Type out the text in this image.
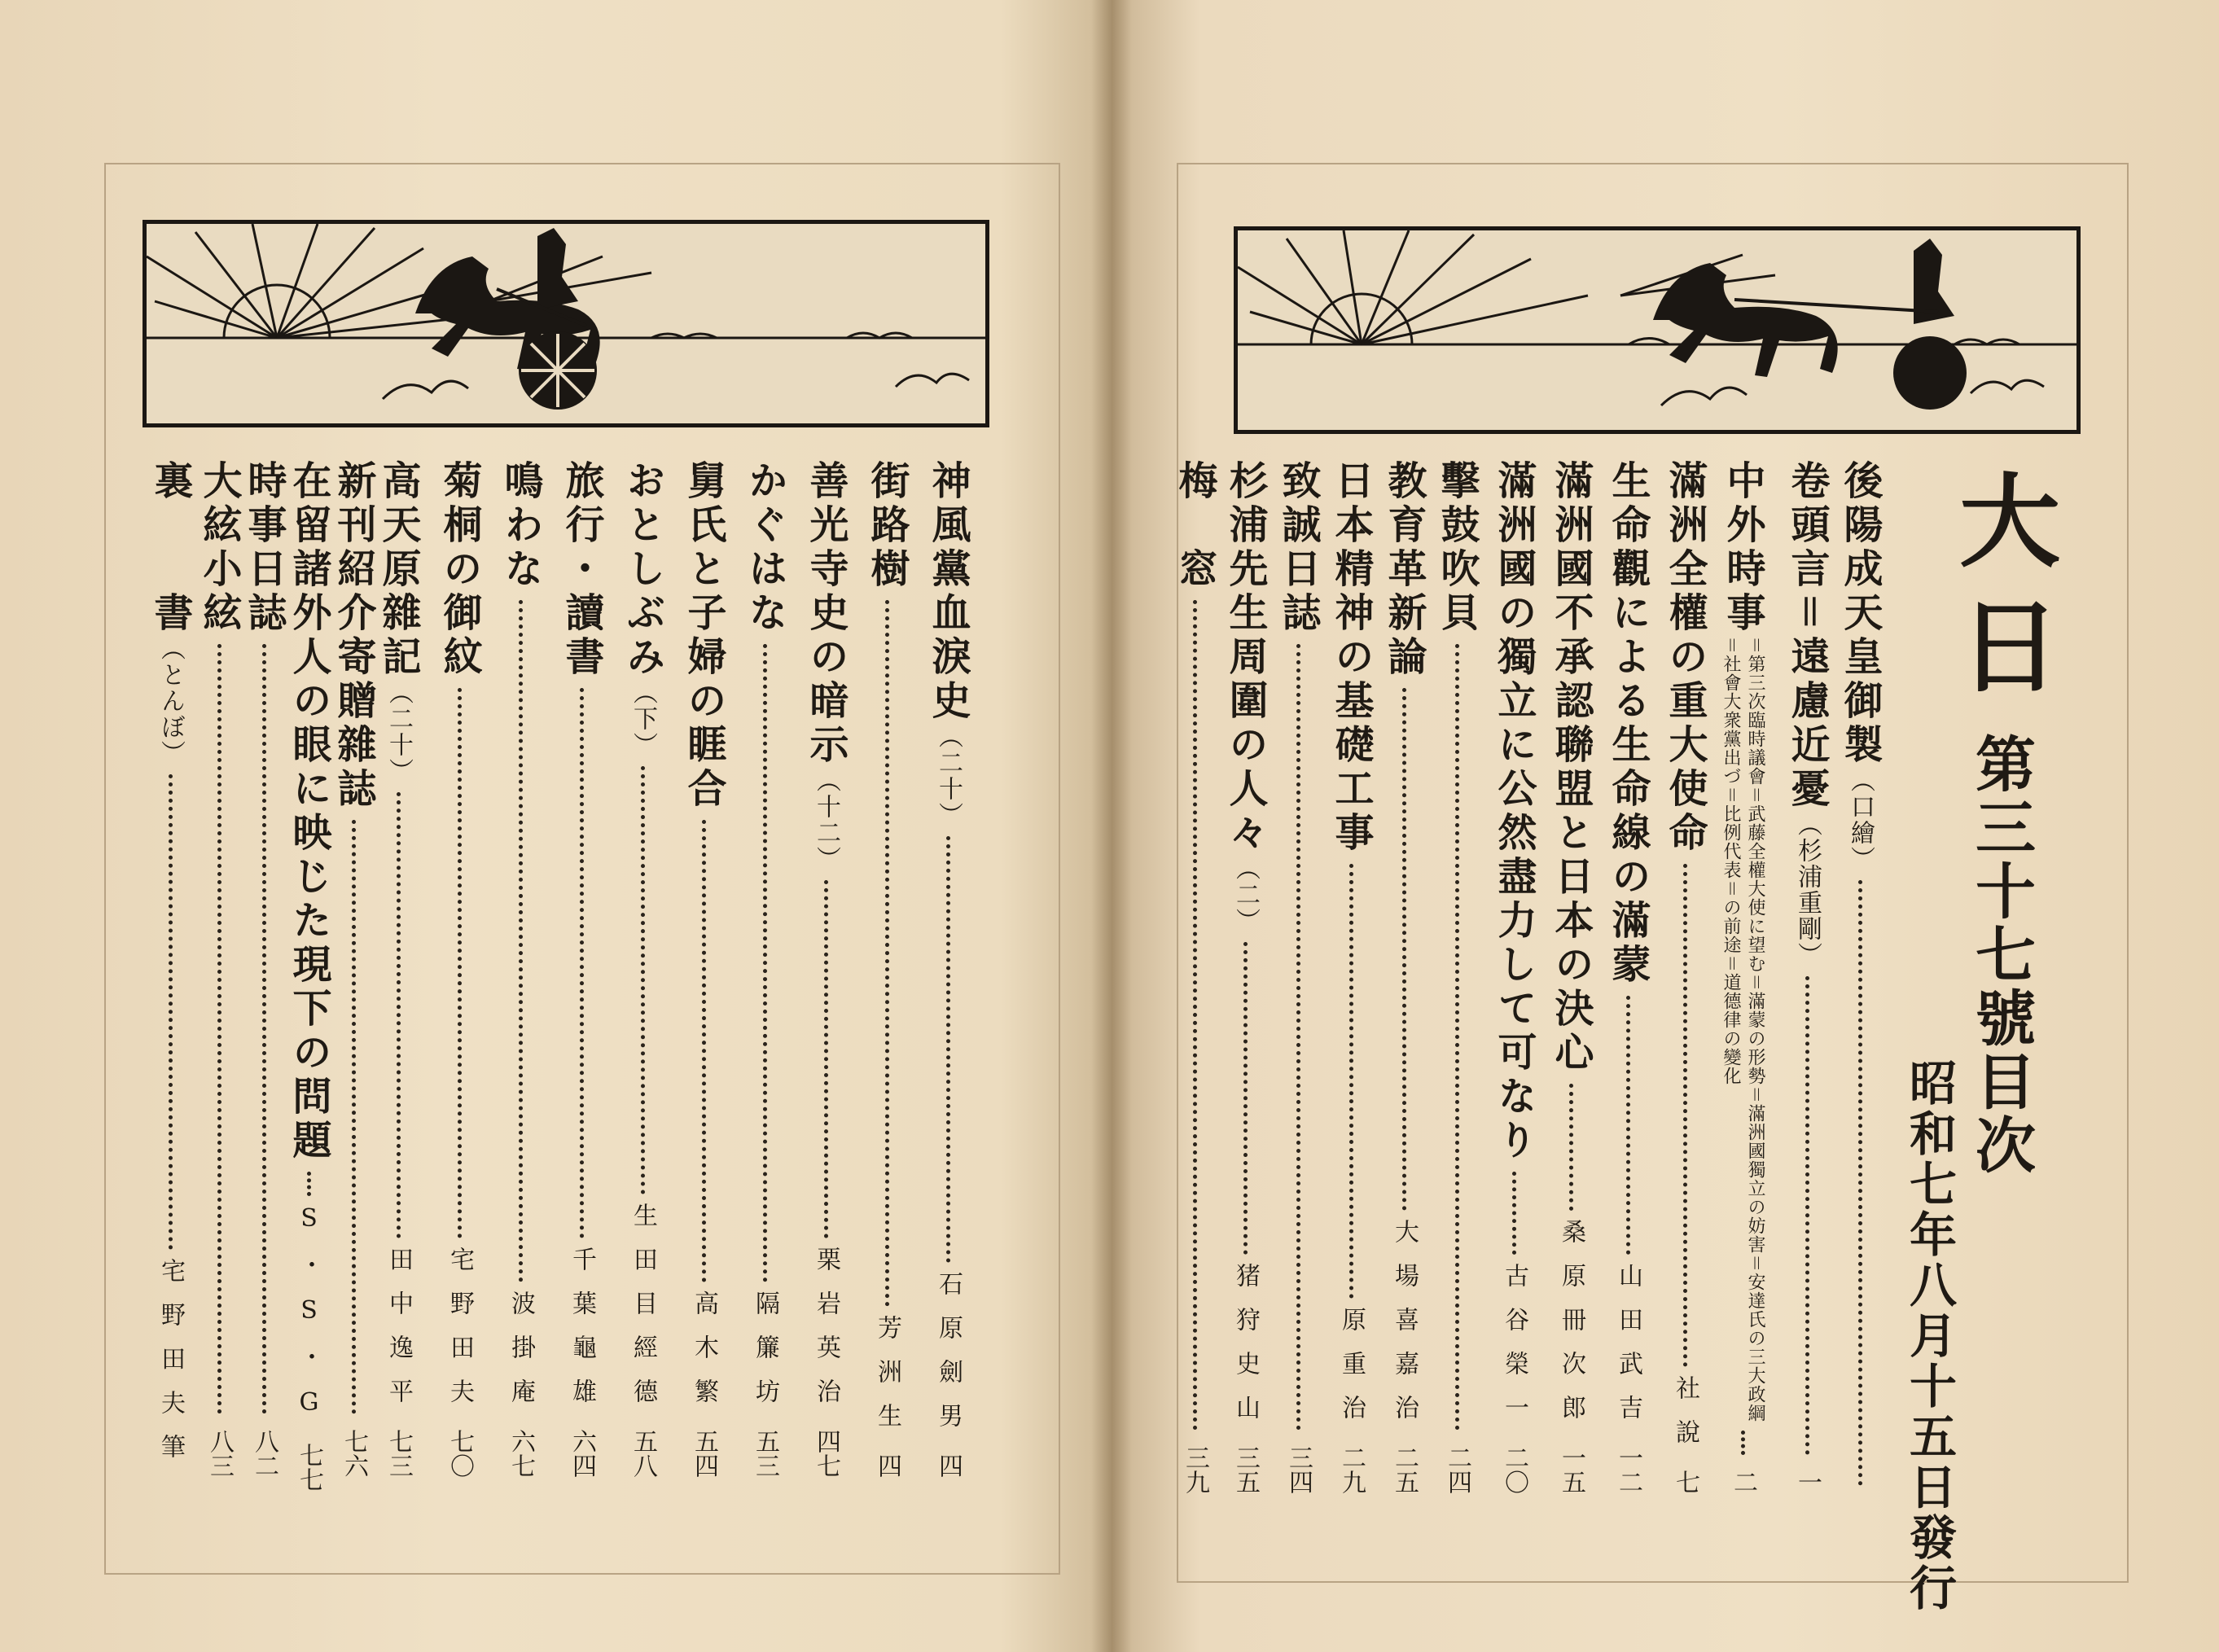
神風黨血淚史
（二十）
石原劍男
四
街路樹
芳洲生
四
善光寺史の暗示
（十二）
栗岩英治
四七
かぐはな
隔簾坊
五三
舅氏と子婦の睚合
高木繁
五四
おとしぶみ
（下）
生田目經德
五八
旅行・讀書
千葉龜雄
六四
鳴わな
波掛庵
六七
菊桐の御紋
宅野田夫
七〇
高天原雜記
（二十）
田中逸平
七三
新刊紹介寄贈雜誌
七六
在留諸外人の眼に映じた現下の問題
S・S・G
七七
時事日誌
八二
大絃小絃
八三
裏　　書
（とんぼ）
宅野田夫筆
大日
第三十七號目次
昭和七年八月十五日發行
後陽成天皇御製
（口繪）
卷頭言＝遠慮近憂
（杉浦重剛）
一
中外時事
＝第三次臨時議會＝武藤全權大使に望む＝滿蒙の形勢＝滿洲國獨立の妨害＝安達氏の三大政綱＝社會大衆黨出づ＝比例代表＝の前途＝道德律の變化
二
滿洲全權の重大使命
社說
七
生命觀による生命線の滿蒙
山田武吉
一二
滿洲國不承認聯盟と日本の決心
桑原冊次郎
一五
滿洲國の獨立に公然盡力して可なり
古谷榮一
二〇
擊鼓吹貝
二四
教育革新論
大場喜嘉治
二五
日本精神の基礎工事
原重治
二九
致誠日誌
三四
杉浦先生周圍の人々
（二）
猪狩史山
三五
梅　窓
三九
